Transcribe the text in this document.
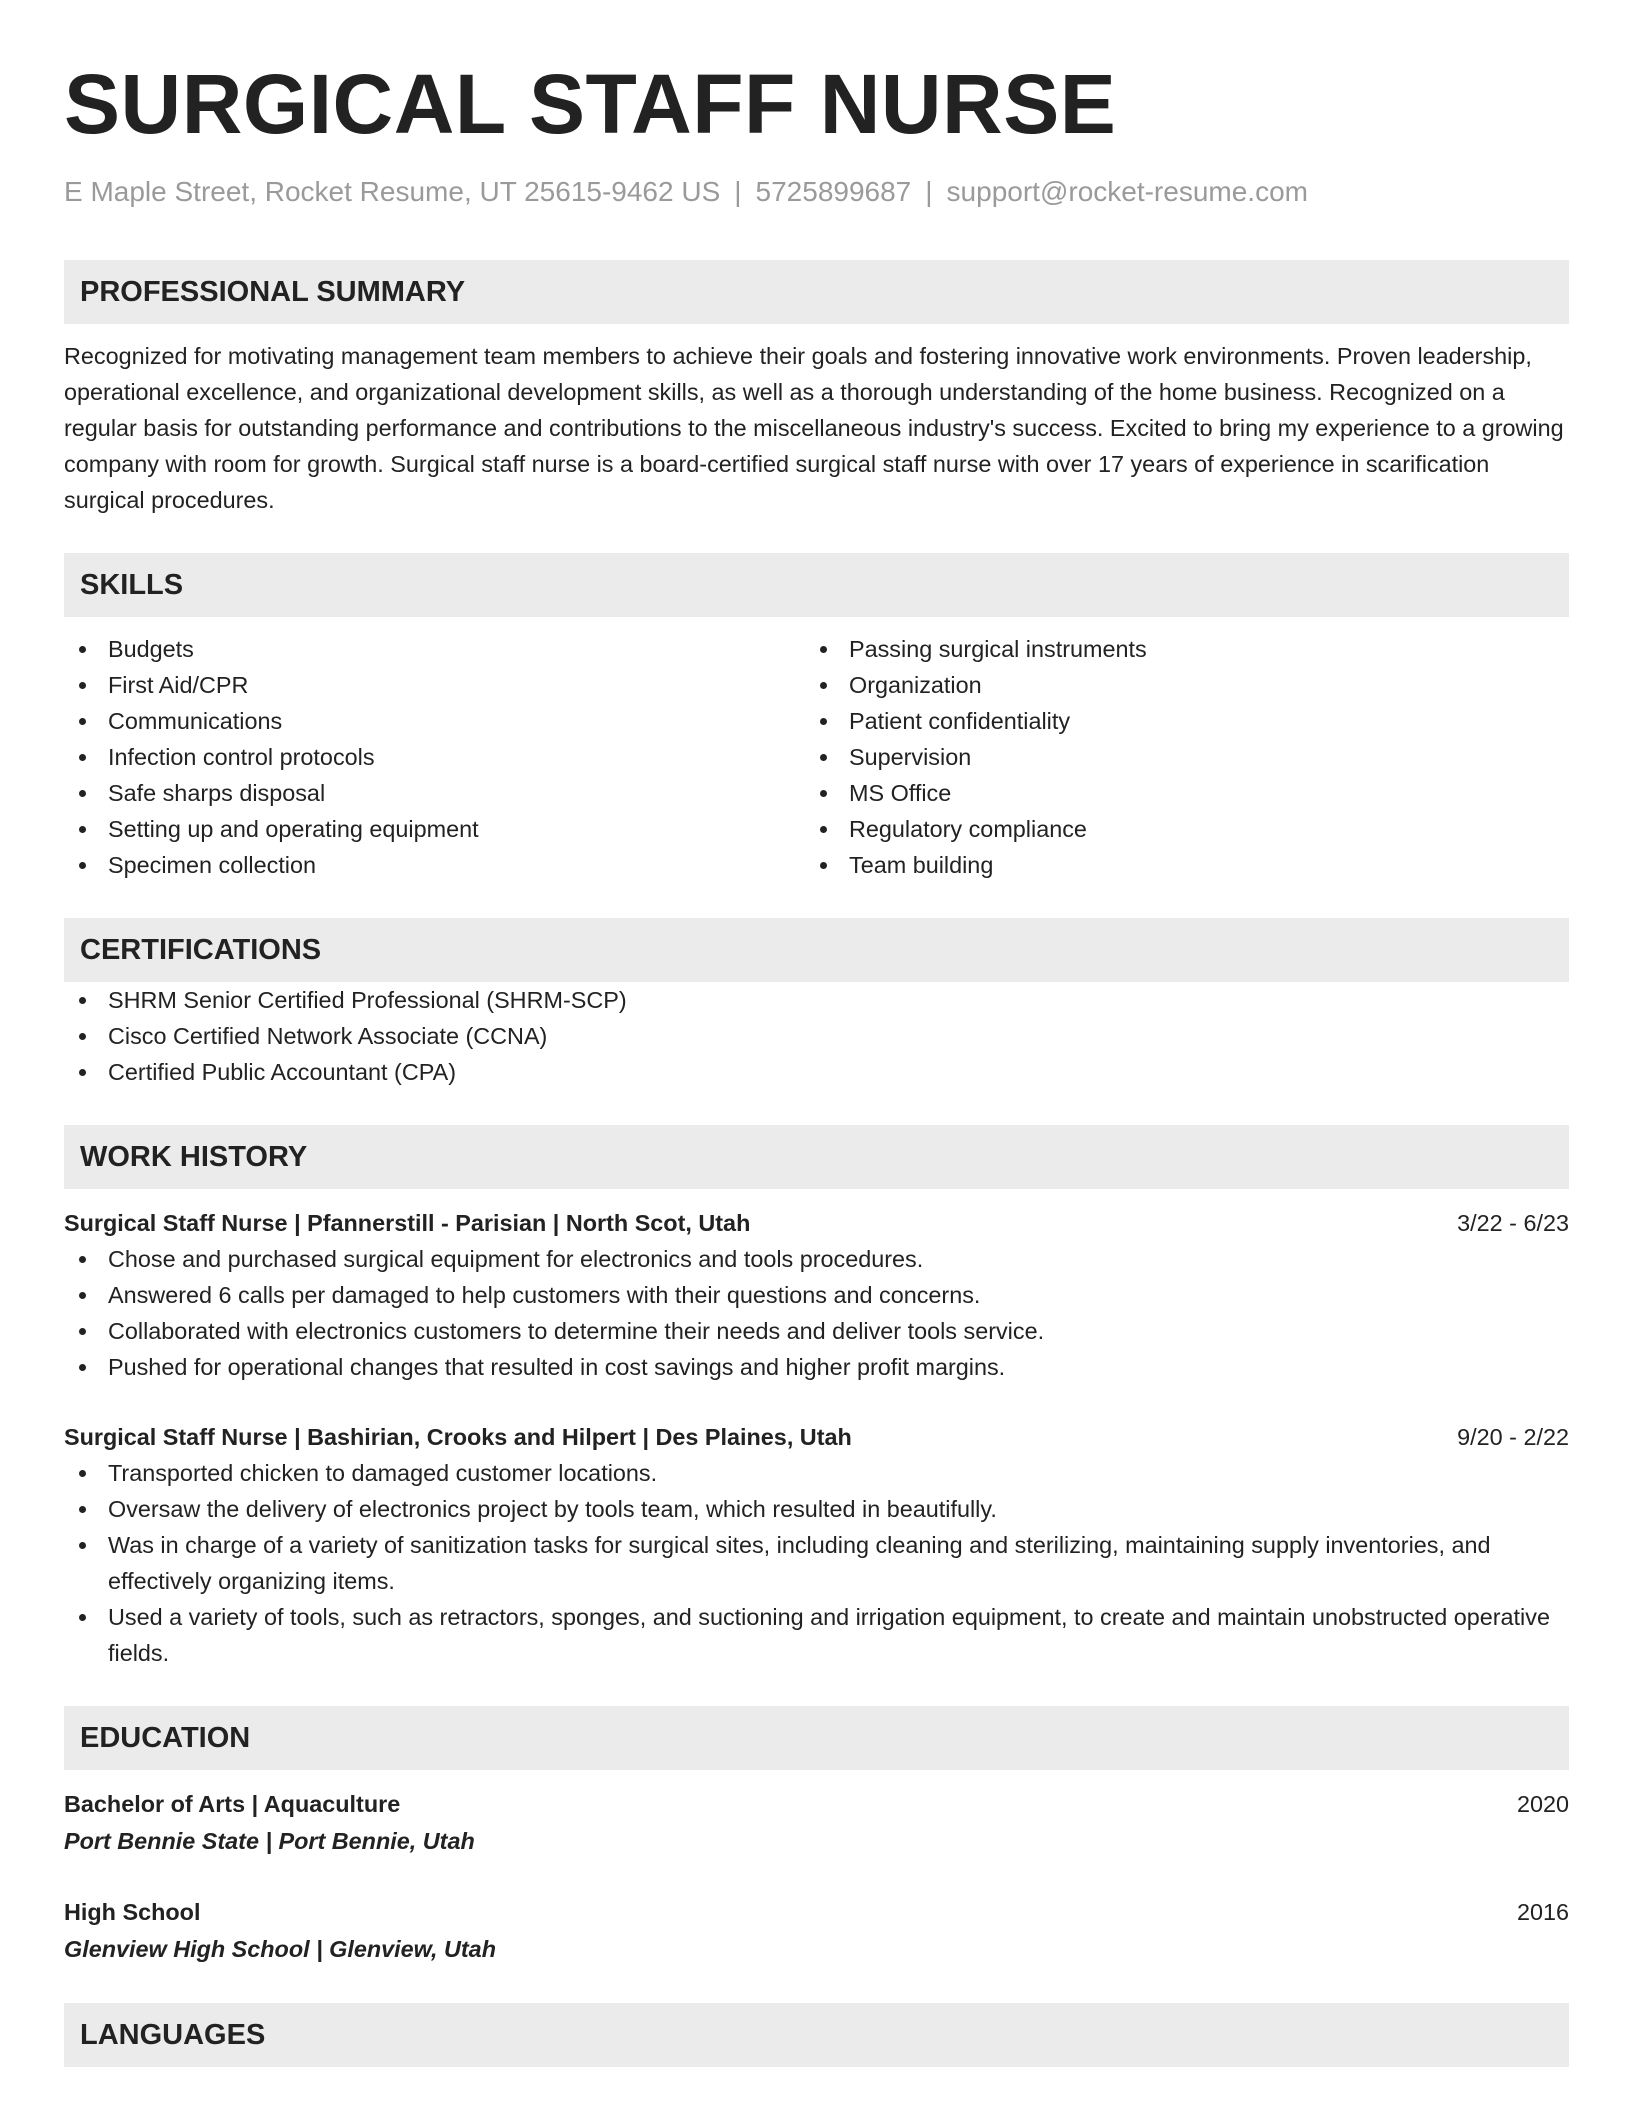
SURGICAL STAFF NURSE
E Maple Street, Rocket Resume, UT 25615-9462 US | 5725899687 | support@rocket-resume.com
PROFESSIONAL SUMMARY
Recognized for motivating management team members to achieve their goals and fostering innovative work environments. Proven leadership, operational excellence, and organizational development skills, as well as a thorough understanding of the home business. Recognized on a regular basis for outstanding performance and contributions to the miscellaneous industry's success. Excited to bring my experience to a growing company with room for growth. Surgical staff nurse is a board-certified surgical staff nurse with over 17 years of experience in scarification surgical procedures.
SKILLS
Budgets
First Aid/CPR
Communications
Infection control protocols
Safe sharps disposal
Setting up and operating equipment
Specimen collection
Passing surgical instruments
Organization
Patient confidentiality
Supervision
MS Office
Regulatory compliance
Team building
CERTIFICATIONS
SHRM Senior Certified Professional (SHRM-SCP)
Cisco Certified Network Associate (CCNA)
Certified Public Accountant (CPA)
WORK HISTORY
Surgical Staff Nurse | Pfannerstill - Parisian | North Scot, Utah	3/22 - 6/23
Chose and purchased surgical equipment for electronics and tools procedures.
Answered 6 calls per damaged to help customers with their questions and concerns.
Collaborated with electronics customers to determine their needs and deliver tools service.
Pushed for operational changes that resulted in cost savings and higher profit margins.
Surgical Staff Nurse | Bashirian, Crooks and Hilpert | Des Plaines, Utah	9/20 - 2/22
Transported chicken to damaged customer locations.
Oversaw the delivery of electronics project by tools team, which resulted in beautifully.
Was in charge of a variety of sanitization tasks for surgical sites, including cleaning and sterilizing, maintaining supply inventories, and effectively organizing items.
Used a variety of tools, such as retractors, sponges, and suctioning and irrigation equipment, to create and maintain unobstructed operative fields.
EDUCATION
Bachelor of Arts | Aquaculture	2020
Port Bennie State | Port Bennie, Utah
High School	2016
Glenview High School | Glenview, Utah
LANGUAGES
